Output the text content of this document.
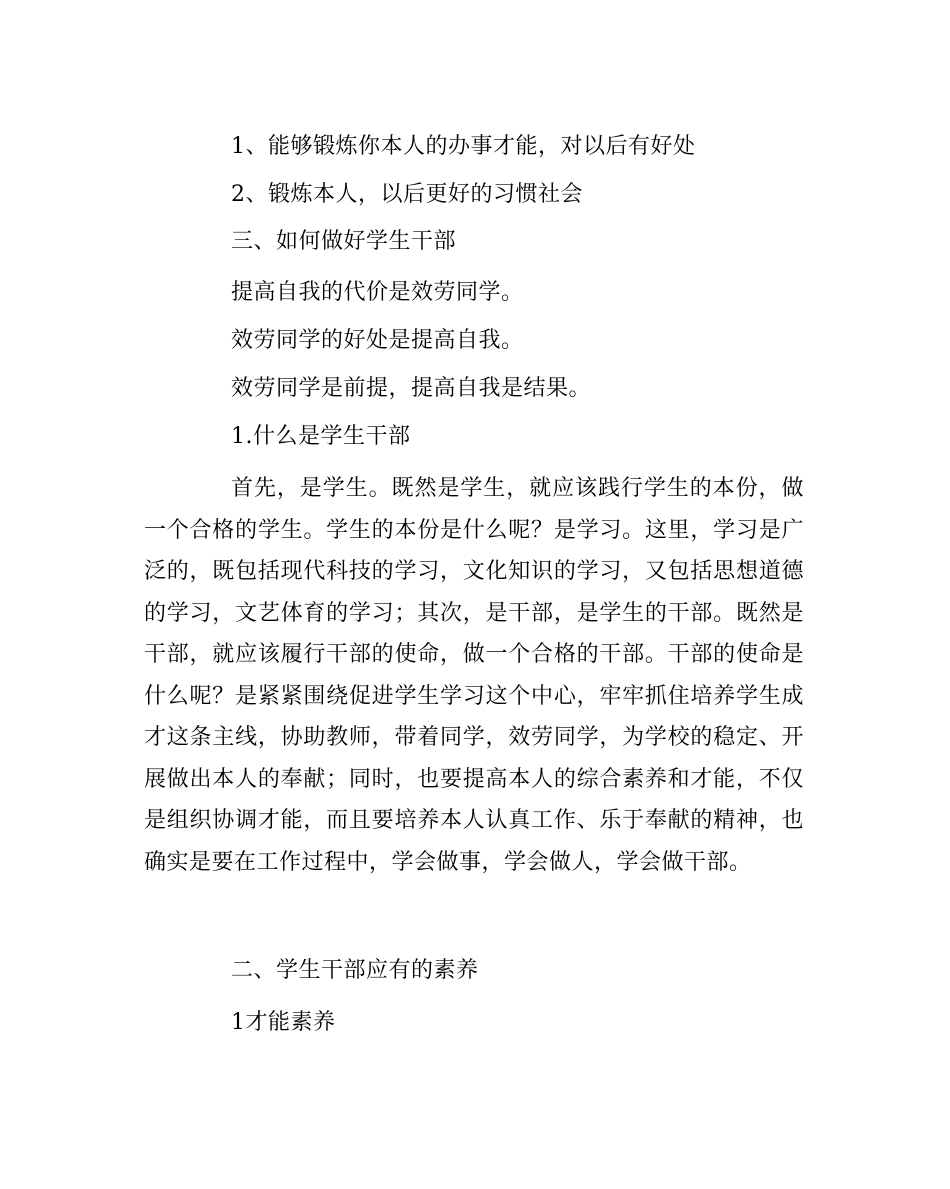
1、能够锻炼你本人的办事才能，对以后有好处
2、锻炼本人，以后更好的习惯社会
三、如何做好学生干部
提高自我的代价是效劳同学。
效劳同学的好处是提高自我。
效劳同学是前提，提高自我是结果。
1.什么是学生干部

首先，是学生。既然是学生，就应该践行学生的本份，做一个合格的学生。学生的本份是什么呢？是学习。这里，学习是广泛的，既包括现代科技的学习，文化知识的学习，又包括思想道德的学习，文艺体育的学习；其次，是干部，是学生的干部。既然是干部，就应该履行干部的使命，做一个合格的干部。干部的使命是什么呢？是紧紧围绕促进学生学习这个中心，牢牢抓住培养学生成才这条主线，协助教师，带着同学，效劳同学，为学校的稳定、开展做出本人的奉献；同时，也要提高本人的综合素养和才能，不仅是组织协调才能，而且要培养本人认真工作、乐于奉献的精神，也确实是要在工作过程中，学会做事，学会做人，学会做干部。

二、学生干部应有的素养
1才能素养
